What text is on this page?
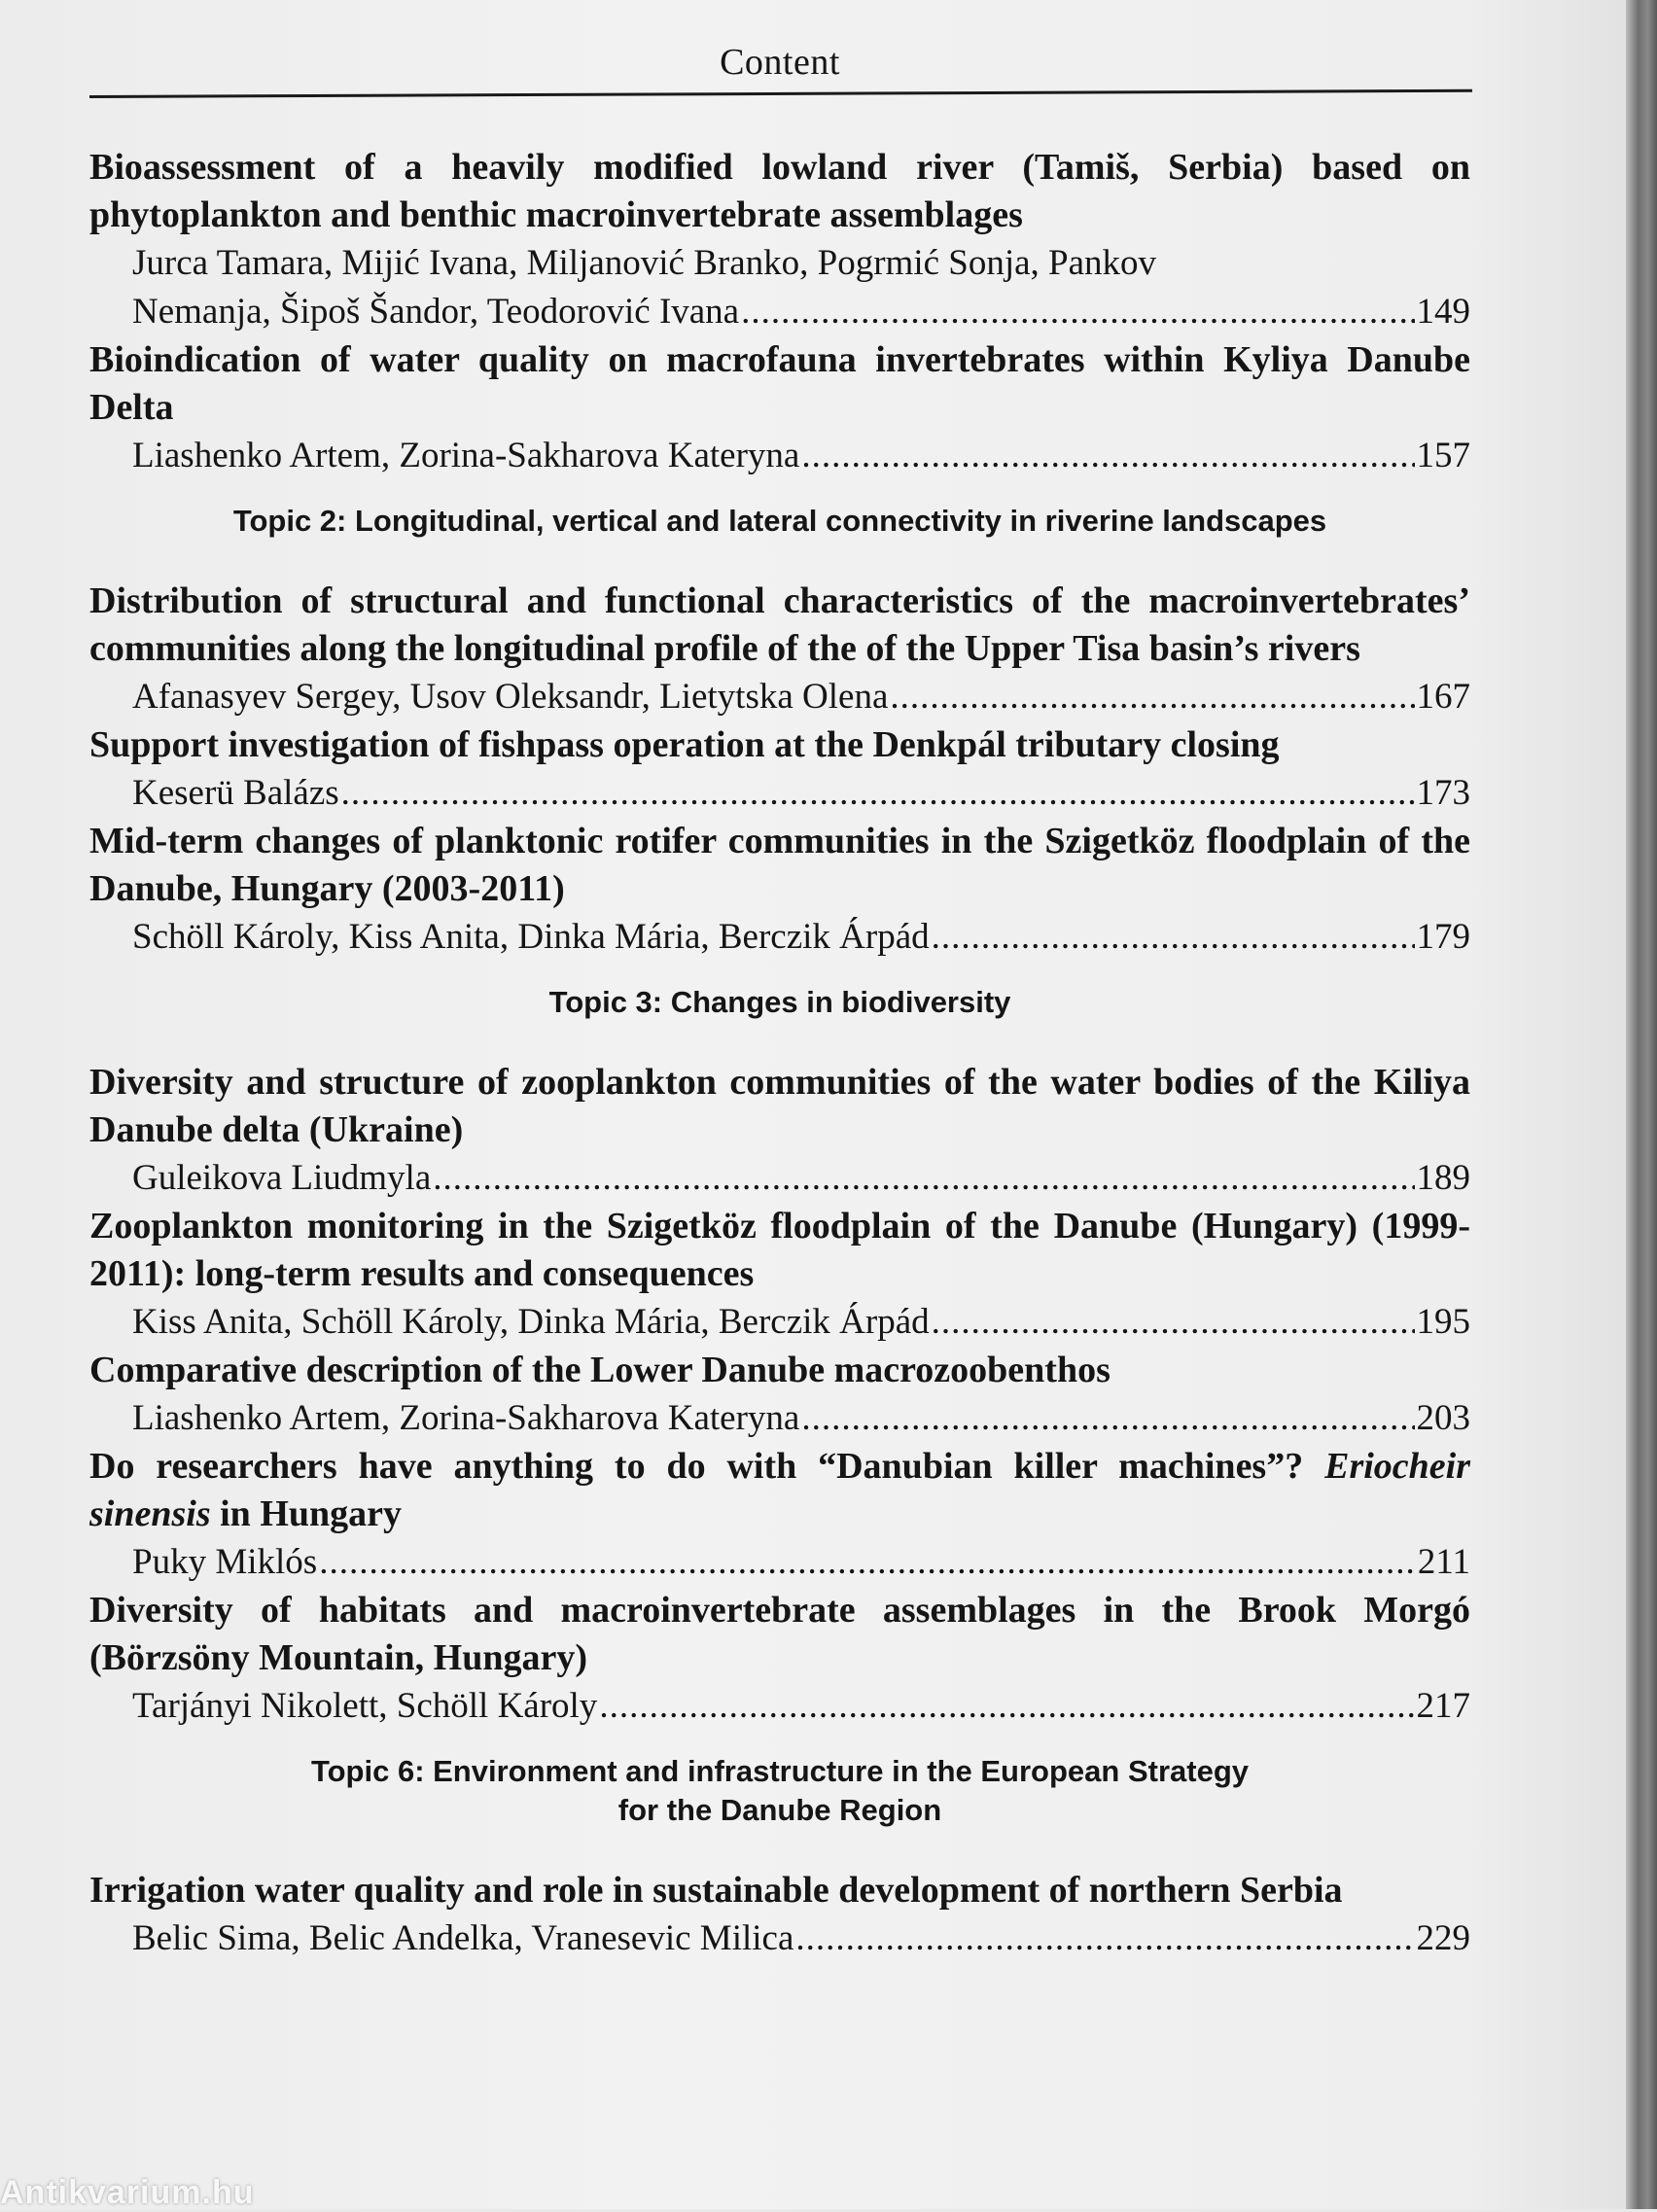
Content
Bioassessment of a heavily modified lowland river (Tamiš, Serbia) based on phytoplankton and benthic macroinvertebrate assemblages
Jurca Tamara, Mijić Ivana, Miljanović Branko, Pogrmić Sonja, Pankov
Nemanja, Šipoš Šandor, Teodorović Ivana .....	149
Bioindication of water quality on macrofauna invertebrates within Kyliya Danube Delta
Liashenko Artem, Zorina-Sakharova Kateryna .....	157
Topic 2: Longitudinal, vertical and lateral connectivity in riverine landscapes
Distribution of structural and functional characteristics of the macroinvertebrates’ communities along the longitudinal profile of the of the Upper Tisa basin’s rivers
Afanasyev Sergey, Usov Oleksandr, Lietytska Olena .....	167
Support investigation of fishpass operation at the Denkpál tributary closing
Keserü Balázs .....	173
Mid-term changes of planktonic rotifer communities in the Szigetköz floodplain of the Danube, Hungary (2003-2011)
Schöll Károly, Kiss Anita, Dinka Mária, Berczik Árpád .....	179
Topic 3: Changes in biodiversity
Diversity and structure of zooplankton communities of the water bodies of the Kiliya Danube delta (Ukraine)
Guleikova Liudmyla .....	189
Zooplankton monitoring in the Szigetköz floodplain of the Danube (Hungary) (1999-2011): long-term results and consequences
Kiss Anita, Schöll Károly, Dinka Mária, Berczik Árpád .....	195
Comparative description of the Lower Danube macrozoobenthos
Liashenko Artem, Zorina-Sakharova Kateryna .....	203
Do researchers have anything to do with “Danubian killer machines”? Eriocheir sinensis in Hungary
Puky Miklós .....	211
Diversity of habitats and macroinvertebrate assemblages in the Brook Morgó (Börzsöny Mountain, Hungary)
Tarjányi Nikolett, Schöll Károly .....	217
Topic 6: Environment and infrastructure in the European Strategy
for the Danube Region
Irrigation water quality and role in sustainable development of northern Serbia
Belic Sima, Belic Andelka, Vranesevic Milica .....	229
Antikvarium.hu
